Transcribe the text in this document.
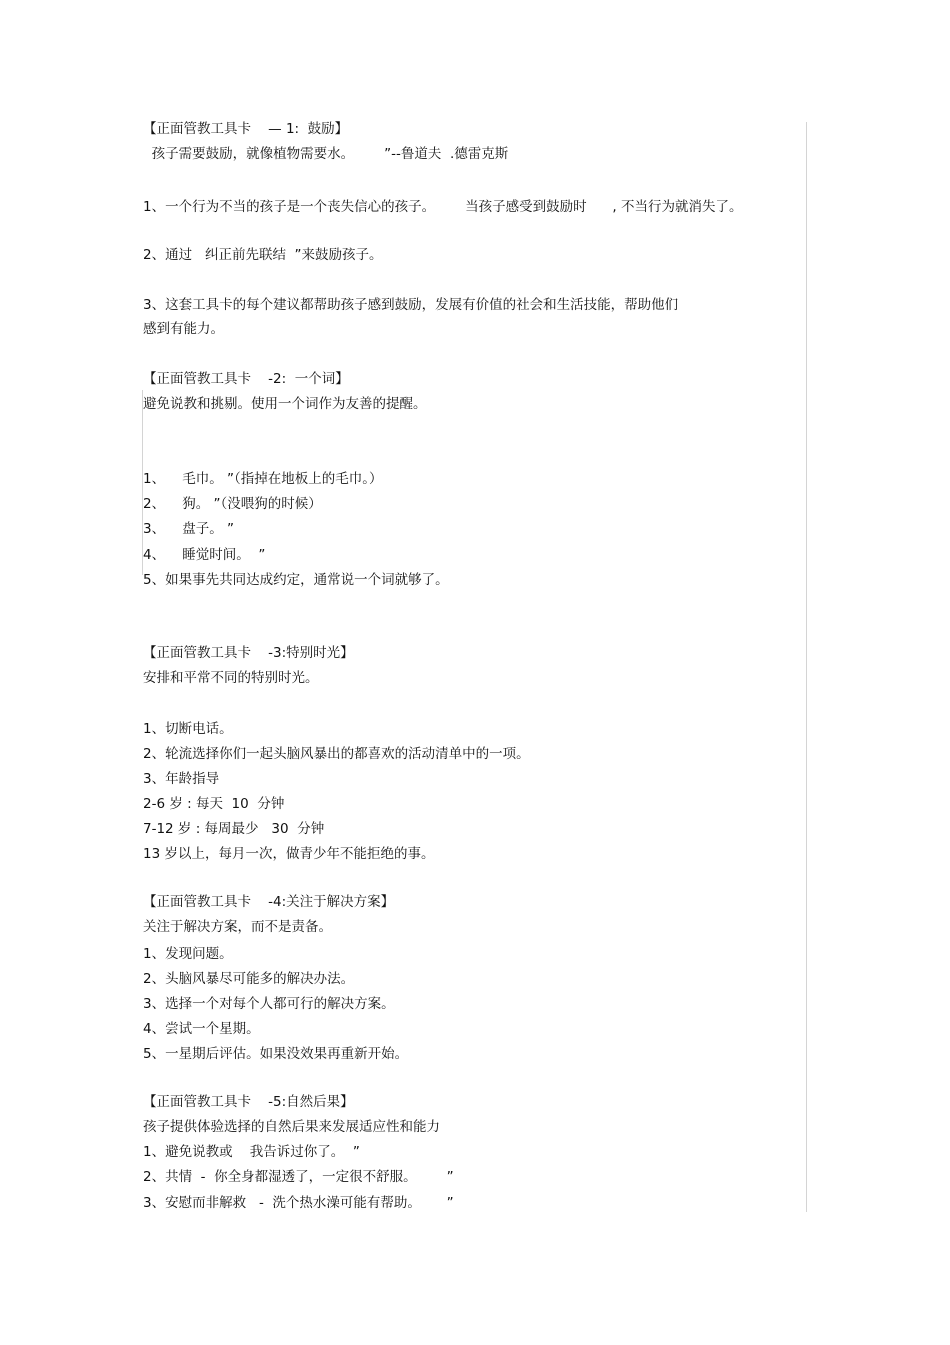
【正面管教工具卡    — 1:  鼓励】
孩子需要鼓励，就像植物需要水。       ”--鲁道夫  .德雷克斯
1、一个行为不当的孩子是一个丧失信心的孩子。       当孩子感受到鼓励时      , 不当行为就消失了。
2、通过   纠正前先联结  ”来鼓励孩子。
3、这套工具卡的每个建议都帮助孩子感到鼓励，发展有价值的社会和生活技能，帮助他们
感到有能力。
【正面管教工具卡    -2:  一个词】
避免说教和挑剔。使用一个词作为友善的提醒。
1、    毛巾。 ”（指掉在地板上的毛巾。）
2、    狗。 ”（没喂狗的时候）
3、    盘子。 ”
4、    睡觉时间。  ”
5、如果事先共同达成约定，通常说一个词就够了。
【正面管教工具卡    -3:特别时光】
安排和平常不同的特别时光。
1、切断电话。
2、轮流选择你们一起头脑风暴出的都喜欢的活动清单中的一项。
3、年龄指导
2-6 岁 : 每天  10  分钟
7-12 岁 : 每周最少   30  分钟
13 岁以上，每月一次，做青少年不能拒绝的事。
【正面管教工具卡    -4:关注于解决方案】
关注于解决方案，而不是责备。
1、发现问题。
2、头脑风暴尽可能多的解决办法。
3、选择一个对每个人都可行的解决方案。
4、尝试一个星期。
5、一星期后评估。如果没效果再重新开始。
【正面管教工具卡    -5:自然后果】
孩子提供体验选择的自然后果来发展适应性和能力
1、避免说教或    我告诉过你了。  ”
2、共情  -  你全身都湿透了，一定很不舒服。       ”
3、安慰而非解救   -  洗个热水澡可能有帮助。      ”
